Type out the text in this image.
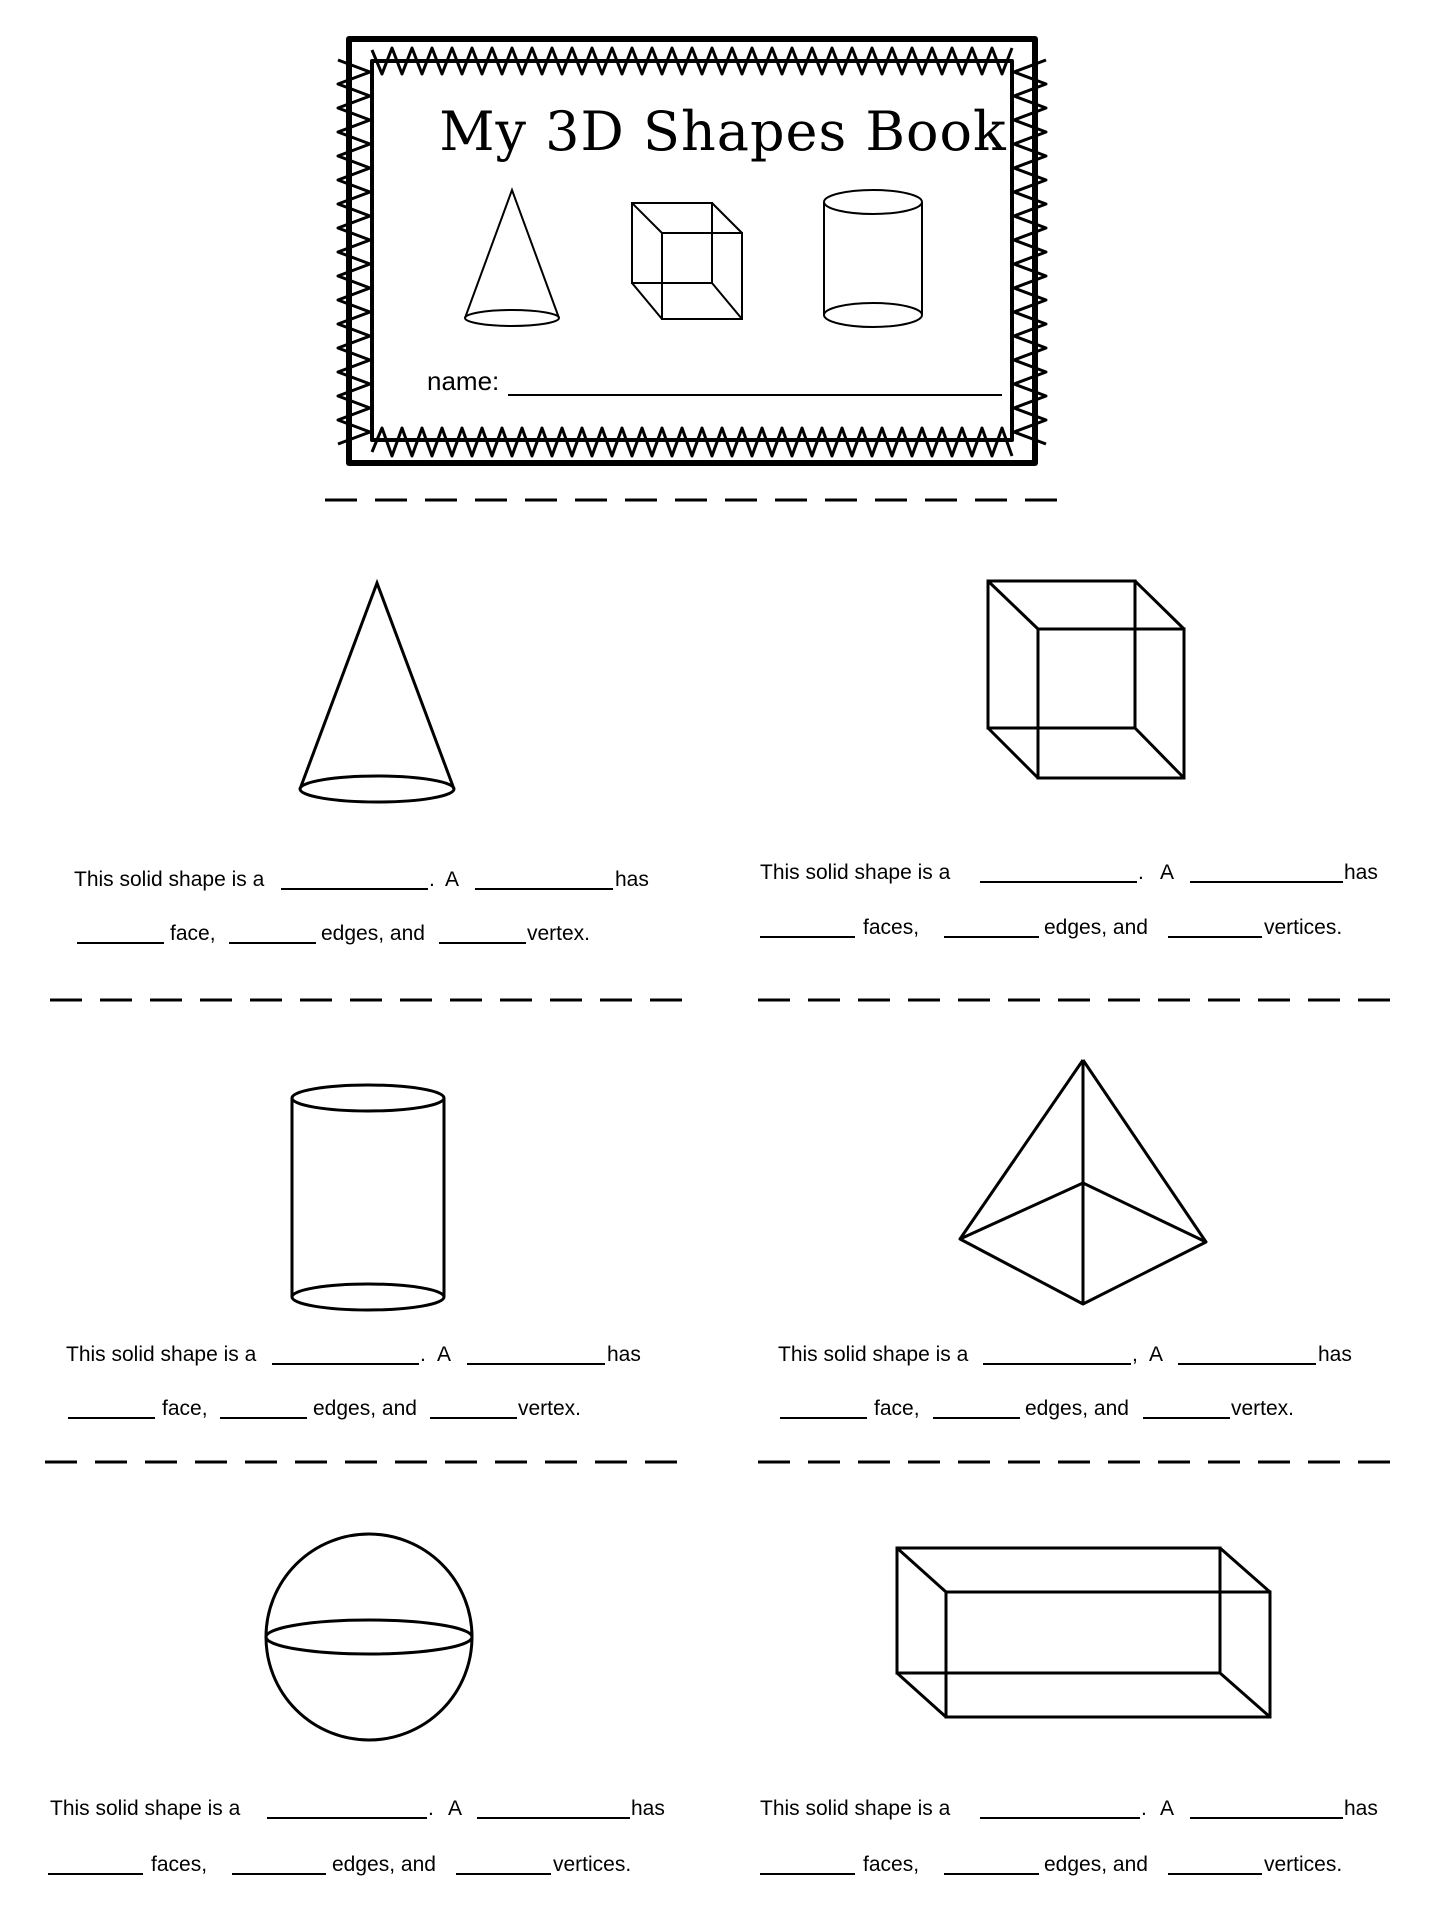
My 3D Shapes Book
name:
This solid shape is a	. A	has
face,	edges, and	vertex.
This solid shape is a	. A	has
faces,	edges, and	vertices.
This solid shape is a	. A	has
face,	edges, and	vertex.
This solid shape is a	, A	has
face,	edges, and	vertex.
This solid shape is a	. A	has
faces,	edges, and	vertices.
This solid shape is a	. A	has
faces,	edges, and	vertices.
